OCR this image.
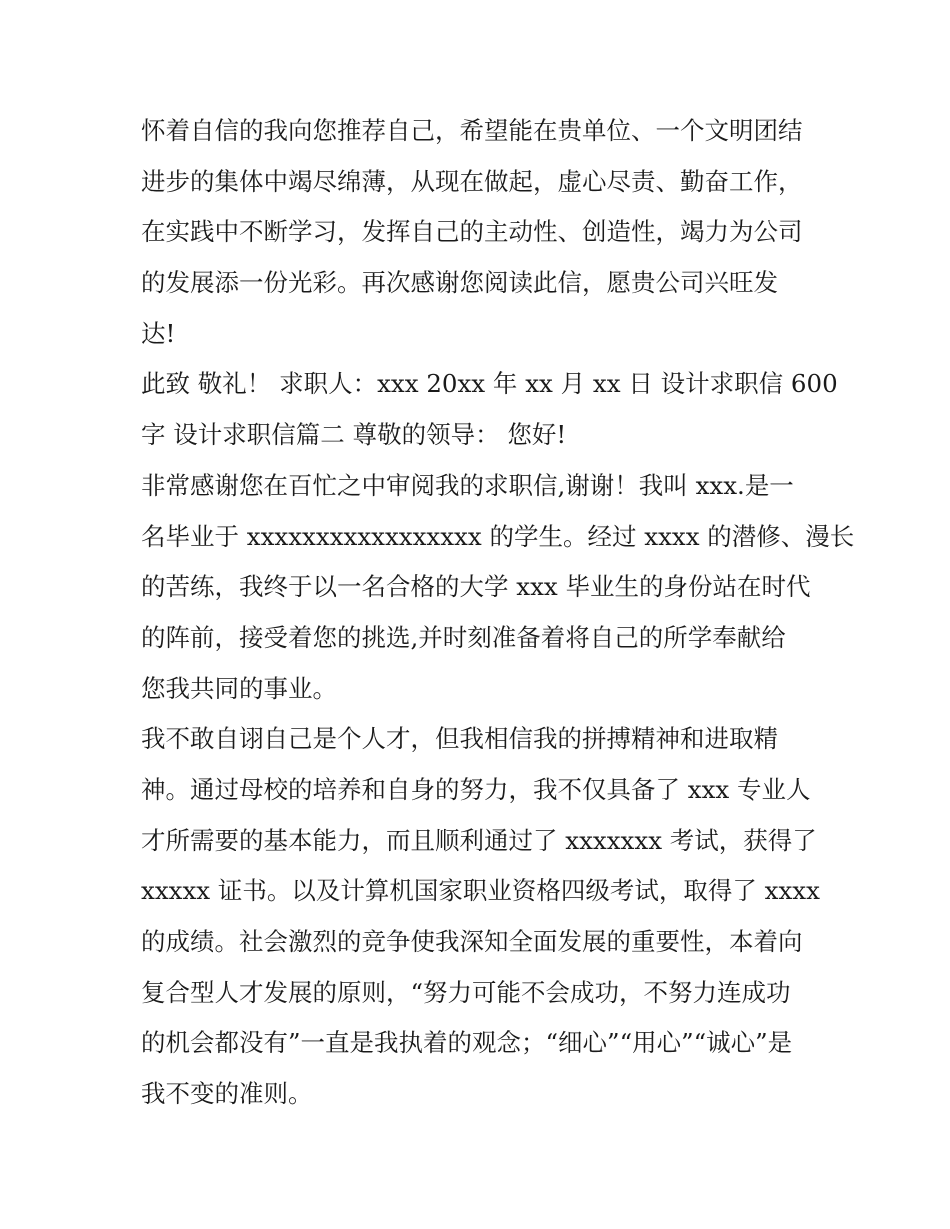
怀着自信的我向您推荐自己，希望能在贵单位、一个文明团结
进步的集体中竭尽绵薄，从现在做起，虚心尽责、勤奋工作，
在实践中不断学习，发挥自己的主动性、创造性，竭力为公司
的发展添一份光彩。再次感谢您阅读此信，愿贵公司兴旺发
达!
此致 敬礼！ 求职人：xxx 20xx 年 xx 月 xx 日 设计求职信 600
字 设计求职信篇二 尊敬的领导： 您好!
非常感谢您在百忙之中审阅我的求职信,谢谢！我叫 xxx.是一
名毕业于 xxxxxxxxxxxxxxxxx 的学生。经过 xxxx 的潜修、漫长
的苦练，我终于以一名合格的大学 xxx 毕业生的身份站在时代
的阵前，接受着您的挑选,并时刻准备着将自己的所学奉献给
您我共同的事业。
我不敢自诩自己是个人才，但我相信我的拼搏精神和进取精
神。通过母校的培养和自身的努力，我不仅具备了 xxx 专业人
才所需要的基本能力，而且顺利通过了 xxxxxxx 考试，获得了
xxxxx 证书。以及计算机国家职业资格四级考试，取得了 xxxx
的成绩。社会激烈的竞争使我深知全面发展的重要性，本着向
复合型人才发展的原则，“努力可能不会成功，不努力连成功
的机会都没有”一直是我执着的观念；“细心”“用心”“诚心”是
我不变的准则。
